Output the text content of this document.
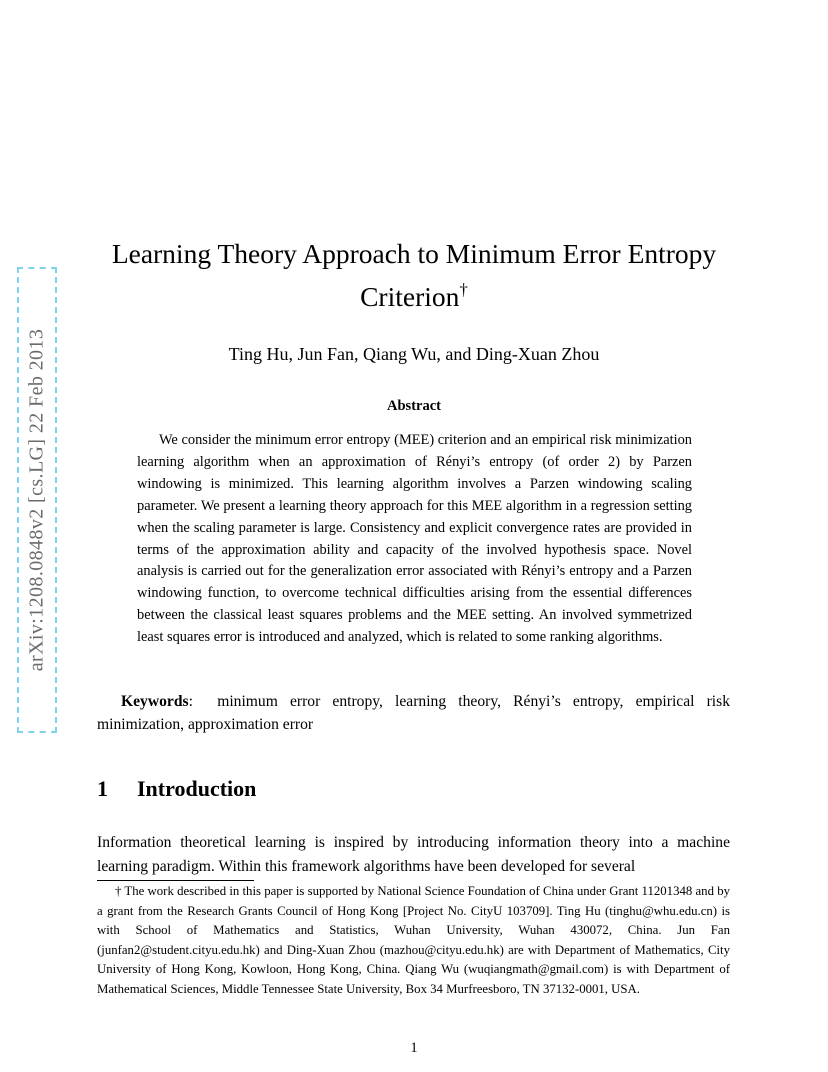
arXiv:1208.0848v2 [cs.LG] 22 Feb 2013
Learning Theory Approach to Minimum Error Entropy Criterion†
Ting Hu, Jun Fan, Qiang Wu, and Ding-Xuan Zhou
Abstract

We consider the minimum error entropy (MEE) criterion and an empirical risk minimization learning algorithm when an approximation of Rényi’s entropy (of order 2) by Parzen windowing is minimized. This learning algorithm involves a Parzen windowing scaling parameter. We present a learning theory approach for this MEE algorithm in a regression setting when the scaling parameter is large. Consistency and explicit convergence rates are provided in terms of the approximation ability and capacity of the involved hypothesis space. Novel analysis is carried out for the generalization error associated with Rényi’s entropy and a Parzen windowing function, to overcome technical difficulties arising from the essential differences between the classical least squares problems and the MEE setting. An involved symmetrized least squares error is introduced and analyzed, which is related to some ranking algorithms.

Keywords:  minimum error entropy, learning theory, Rényi’s entropy, empirical risk minimization, approximation error

1 Introduction

Information theoretical learning is inspired by introducing information theory into a machine learning paradigm. Within this framework algorithms have been developed for several

† The work described in this paper is supported by National Science Foundation of China under Grant 11201348 and by a grant from the Research Grants Council of Hong Kong [Project No. CityU 103709]. Ting Hu (tinghu@whu.edu.cn) is with School of Mathematics and Statistics, Wuhan University, Wuhan 430072, China. Jun Fan (junfan2@student.cityu.edu.hk) and Ding-Xuan Zhou (mazhou@cityu.edu.hk) are with Department of Mathematics, City University of Hong Kong, Kowloon, Hong Kong, China. Qiang Wu (wuqiangmath@gmail.com) is with Department of Mathematical Sciences, Middle Tennessee State University, Box 34 Murfreesboro, TN 37132-0001, USA.

1
